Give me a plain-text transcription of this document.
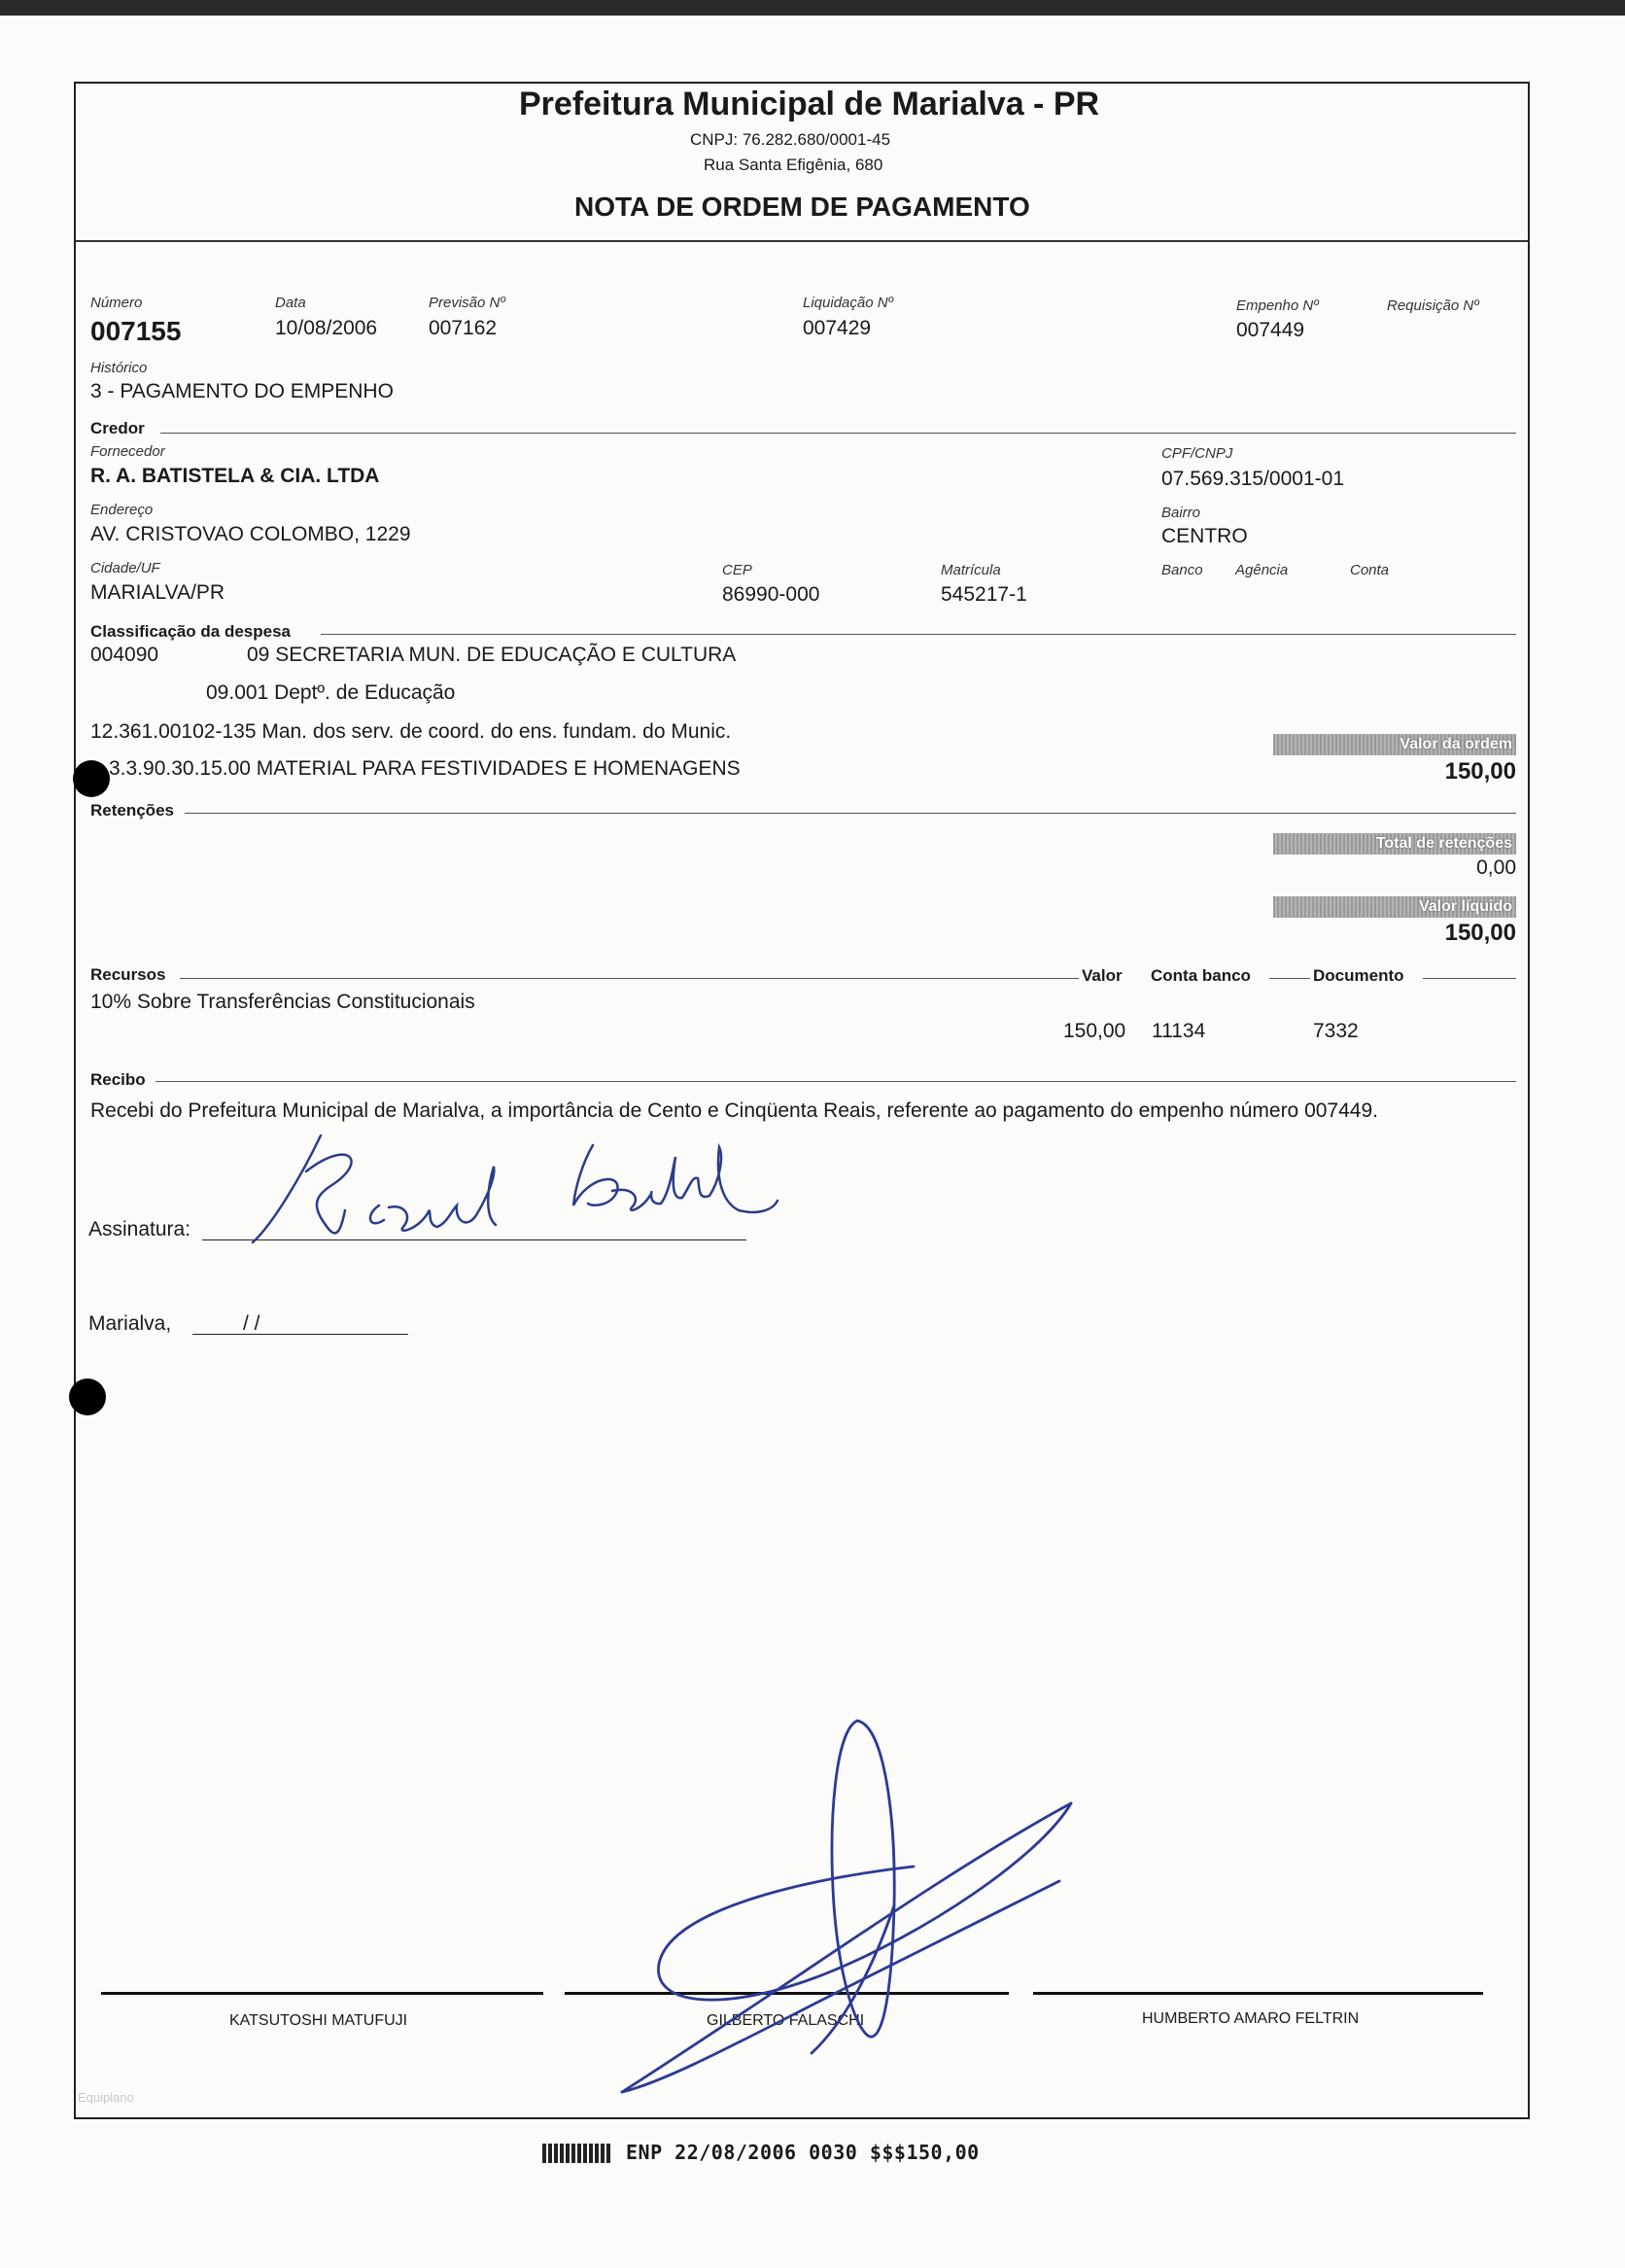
Prefeitura Municipal de Marialva - PR
CNPJ: 76.282.680/0001-45
Rua Santa Efigênia, 680
NOTA DE ORDEM DE PAGAMENTO
Número
007155
Data
10/08/2006
Previsão Nº
007162
Liquidação Nº
007429
Empenho Nº
007449
Requisição Nº
Histórico
3 - PAGAMENTO DO EMPENHO
Credor
Fornecedor
R. A. BATISTELA & CIA. LTDA
CPF/CNPJ
07.569.315/0001-01
Endereço
AV. CRISTOVAO COLOMBO, 1229
Bairro
CENTRO
Cidade/UF
MARIALVA/PR
CEP
86990-000
Matrícula
545217-1
Banco Agência	Conta
Classificação da despesa
004090	09 SECRETARIA MUN. DE EDUCAÇÃO E CULTURA
09.001 Deptº. de Educação
12.361.00102-135 Man. dos serv. de coord. do ens. fundam. do Munic.
3.3.90.30.15.00 MATERIAL PARA FESTIVIDADES E HOMENAGENS
Valor da ordem
150,00
Retenções
Total de retenções
0,00
Valor líquido
150,00
Recursos	Valor Conta banco	Documento
10% Sobre Transferências Constitucionais
150,00 11134	7332
Recibo
Recebi do Prefeitura Municipal de Marialva, a importância de Cento e Cinqüenta Reais, referente ao pagamento do empenho número 007449.
Assinatura:
Marialva,	/ /
KATSUTOSHI MATUFUJI	GILBERTO FALASCHI	HUMBERTO AMARO FELTRIN
Equiplano
ENP 22/08/2006 0030 $$$150,00
